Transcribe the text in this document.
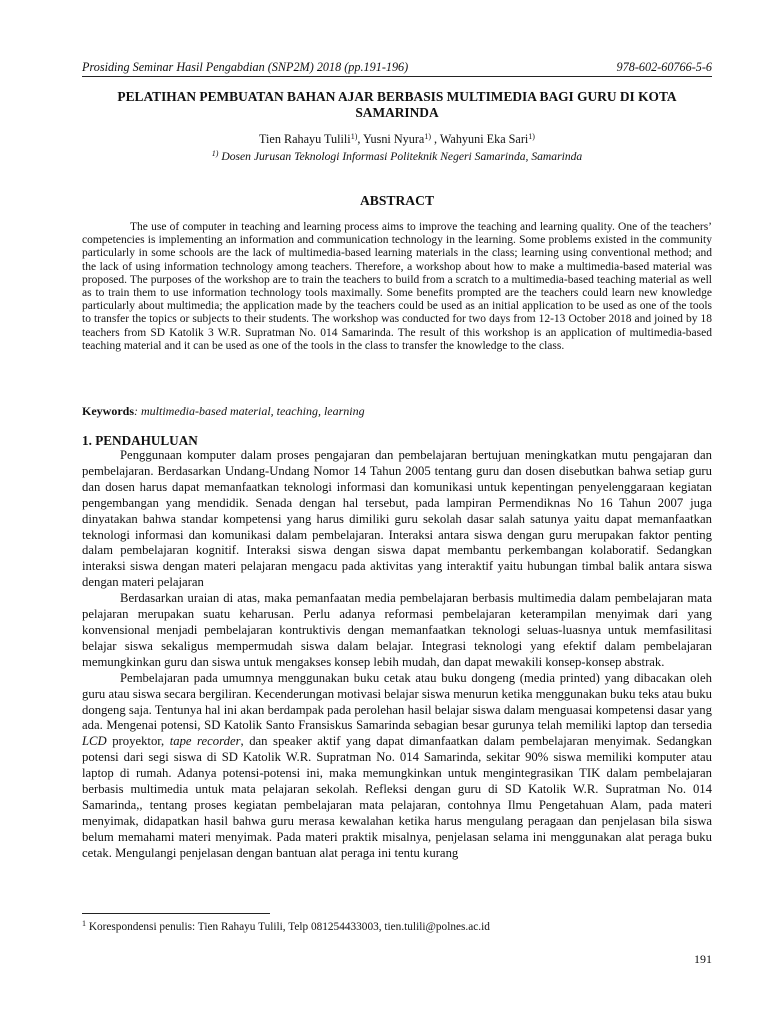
Prosiding Seminar Hasil Pengabdian (SNP2M) 2018 (pp.191-196)	978-602-60766-5-6
PELATIHAN PEMBUATAN BAHAN AJAR BERBASIS MULTIMEDIA BAGI GURU DI KOTA SAMARINDA
Tien Rahayu Tulili$^{1)}$, Yusni Nyura$^{1)}$ , Wahyuni Eka Sari$^{1)}$
$^{1)}$ Dosen Jurusan Teknologi Informasi Politeknik Negeri Samarinda, Samarinda
ABSTRACT

The use of computer in teaching and learning process aims to improve the teaching and learning quality. One of the teachers’ competencies is implementing an information and communication technology in the learning. Some problems existed in the community particularly in some schools are the lack of multimedia-based learning materials in the class; learning using conventional method; and the lack of using information technology among teachers. Therefore, a workshop about how to make a multimedia-based material was proposed. The purposes of the workshop are to train the teachers to build from a scratch to a multimedia-based teaching material as well as to train them to use information technology tools maximally. Some benefits prompted are the teachers could learn new knowledge particularly about multimedia; the application made by the teachers could be used as an initial application to be used as one of the tools to transfer the topics or subjects to their students. The workshop was conducted for two days from 12-13 October 2018 and joined by 18 teachers from SD Katolik 3 W.R. Supratman No. 014 Samarinda. The result of this workshop is an application of multimedia-based teaching material and it can be used as one of the tools in the class to transfer the knowledge to the class.

Keywords: multimedia-based material, teaching, learning
1. PENDAHULUAN

Penggunaan komputer dalam proses pengajaran dan pembelajaran bertujuan meningkatkan mutu pengajaran dan pembelajaran. Berdasarkan Undang-Undang Nomor 14 Tahun 2005 tentang guru dan dosen disebutkan bahwa setiap guru dan dosen harus dapat memanfaatkan teknologi informasi dan komunikasi untuk kepentingan penyelenggaraan kegiatan pengembangan yang mendidik. Senada dengan hal tersebut, pada lampiran Permendiknas No 16 Tahun 2007 juga dinyatakan bahwa standar kompetensi yang harus dimiliki guru sekolah dasar salah satunya yaitu dapat memanfaatkan teknologi informasi dan komunikasi dalam pembelajaran. Interaksi antara siswa dengan guru merupakan faktor penting dalam pembelajaran kognitif. Interaksi siswa dengan siswa dapat membantu perkembangan kolaboratif. Sedangkan interaksi siswa dengan materi pelajaran mengacu pada aktivitas yang interaktif yaitu hubungan timbal balik antara siswa dengan materi pelajaran

Berdasarkan uraian di atas, maka pemanfaatan media pembelajaran berbasis multimedia dalam pembelajaran mata pelajaran merupakan suatu keharusan. Perlu adanya reformasi pembelajaran keterampilan menyimak dari yang konvensional menjadi pembelajaran kontruktivis dengan memanfaatkan teknologi seluas-luasnya untuk memfasilitasi belajar siswa sekaligus mempermudah siswa dalam belajar. Integrasi teknologi yang efektif dalam pembelajaran memungkinkan guru dan siswa untuk mengakses konsep lebih mudah, dan dapat mewakili konsep-konsep abstrak.

Pembelajaran pada umumnya menggunakan buku cetak atau buku dongeng (media printed) yang dibacakan oleh guru atau siswa secara bergiliran. Kecenderungan motivasi belajar siswa menurun ketika menggunakan buku teks atau buku dongeng saja. Tentunya hal ini akan berdampak pada perolehan hasil belajar siswa dalam menguasai kompetensi dasar yang ada. Mengenai potensi, SD Katolik Santo Fransiskus Samarinda sebagian besar gurunya telah memiliki laptop dan tersedia LCD proyektor, tape recorder, dan speaker aktif yang dapat dimanfaatkan dalam pembelajaran menyimak. Sedangkan potensi dari segi siswa di SD Katolik W.R. Supratman No. 014 Samarinda, sekitar 90% siswa memiliki komputer atau laptop di rumah. Adanya potensi-potensi ini, maka memungkinkan untuk mengintegrasikan TIK dalam pembelajaran berbasis multimedia untuk mata pelajaran sekolah. Refleksi dengan guru di SD Katolik W.R. Supratman No. 014 Samarinda,, tentang proses kegiatan pembelajaran mata pelajaran, contohnya Ilmu Pengetahuan Alam, pada materi menyimak, didapatkan hasil bahwa guru merasa kewalahan ketika harus mengulang peragaan dan penjelasan bila siswa belum memahami materi menyimak. Pada materi praktik misalnya, penjelasan selama ini menggunakan alat peraga buku cetak. Mengulangi penjelasan dengan bantuan alat peraga ini tentu kurang

$^1$ Korespondensi penulis: Tien Rahayu Tulili, Telp 081254433003, tien.tulili@polnes.ac.id
191
